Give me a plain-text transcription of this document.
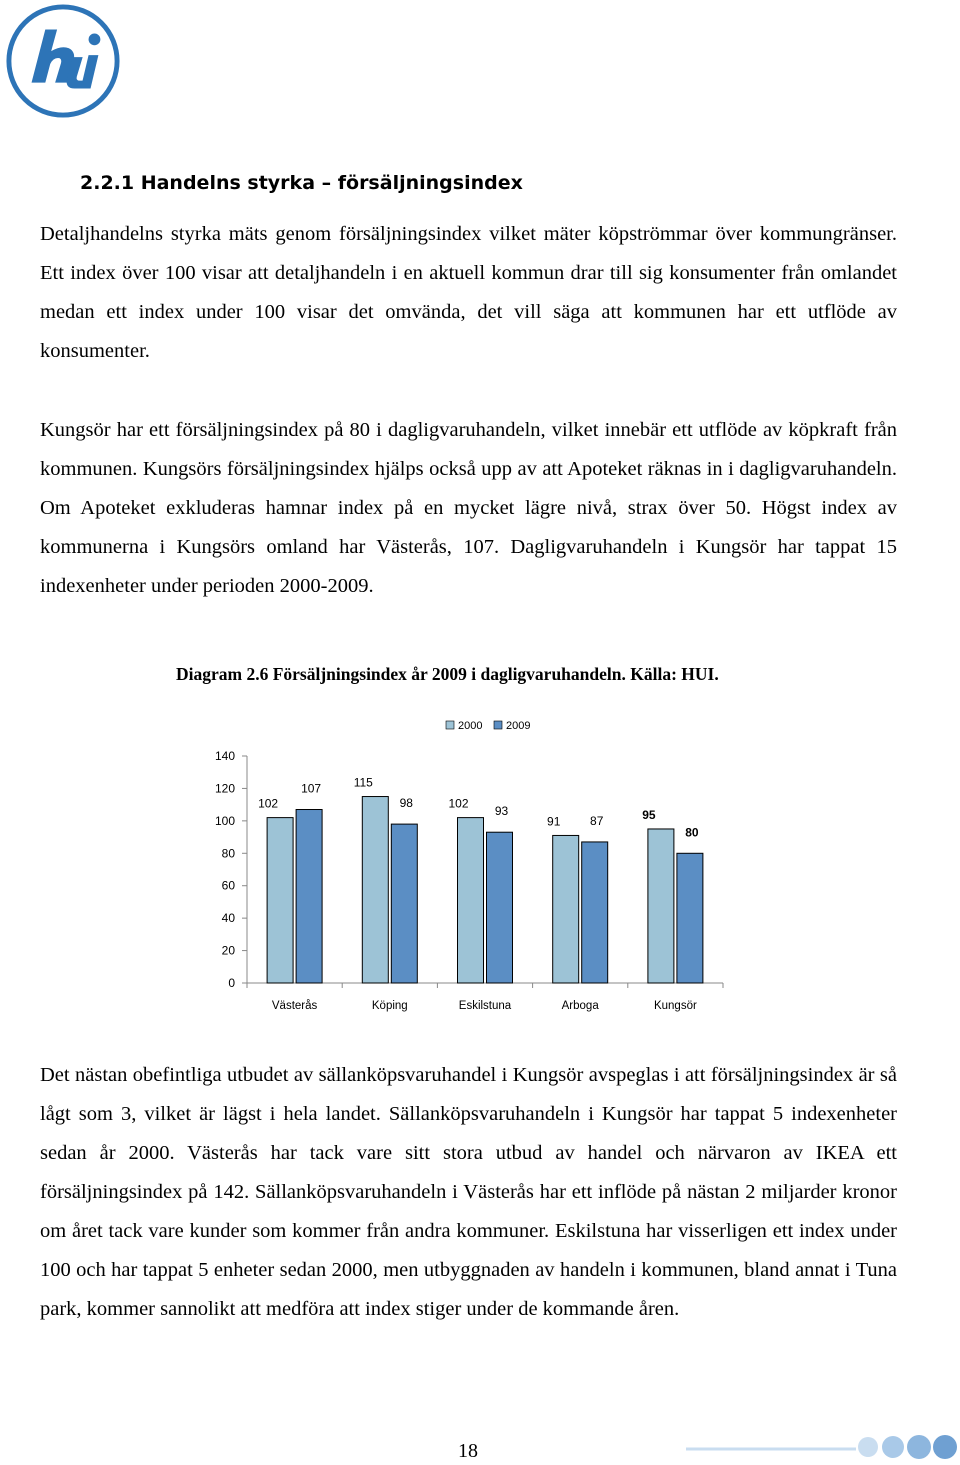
2.2.1 Handelns styrka – försäljningsindex

Detaljhandelns styrka mäts genom försäljningsindex vilket mäter köpströmmar över kommungränser. Ett index över 100 visar att detaljhandeln i en aktuell kommun drar till sig konsumenter från omlandet medan ett index under 100 visar det omvända, det vill säga att kommunen har ett utflöde av konsumenter.

Kungsör har ett försäljningsindex på 80 i dagligvaruhandeln, vilket innebär ett utflöde av köpkraft från kommunen. Kungsörs försäljningsindex hjälps också upp av att Apoteket räknas in i dagligvaruhandeln. Om Apoteket exkluderas hamnar index på en mycket lägre nivå, strax över 50. Högst index av kommunerna i Kungsörs omland har Västerås, 107. Dagligvaruhandeln i Kungsör har tappat 15 indexenheter under perioden 2000-2009.

Diagram 2.6 Försäljningsindex år 2009 i dagligvaruhandeln. Källa: HUI.
2000 2009
0
20
40
60
80
100
120
140
102
107
Västerås
115
98
Köping
102
93
Eskilstuna
91 87
Arboga
95
80
Kungsör

Det nästan obefintliga utbudet av sällanköpsvaruhandel i Kungsör avspeglas i att försäljningsindex är så lågt som 3, vilket är lägst i hela landet. Sällanköpsvaruhandeln i Kungsör har tappat 5 indexenheter sedan år 2000. Västerås har tack vare sitt stora utbud av handel och närvaron av IKEA ett försäljningsindex på 142. Sällanköpsvaruhandeln i Västerås har ett inflöde på nästan 2 miljarder kronor om året tack vare kunder som kommer från andra kommuner. Eskilstuna har visserligen ett index under 100 och har tappat 5 enheter sedan 2000, men utbyggnaden av handeln i kommunen, bland annat i Tuna park, kommer sannolikt att medföra att index stiger under de kommande åren.

18
